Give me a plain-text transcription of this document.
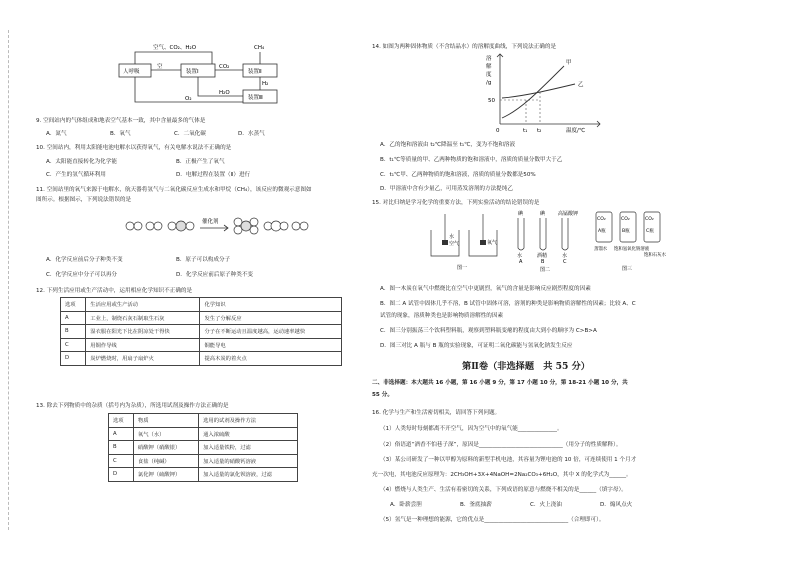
空气、CO₂、H₂O
空
人呼吸	装置Ⅰ
CO₂
装置Ⅱ
CH₄
H₂
H₂O
装置Ⅲ
O₂
9. 空间站内的气体组成和地表空气基本一致，其中含量最多的气体是
A．氮气	B．氧气	C．二氧化碳	D．水蒸气
10. 空间站内，利用太阳能电池电解水以获得氧气，有关电解水说法不正确的是
A．太阳能直接转化为化学能	B．正极产生了氧气
C．产生的氢气循环利用	D．电解过程在装置（Ⅱ）进行
11. 空间站里的氧气来源于电解水，航天器将氢气与二氧化碳反应生成水和甲烷（CH₄），该反应的微观示意图如
图所示。根据图示，下列说法错误的是
催化剂
A．化学反应前后分子种类不变	B．原子可以构成分子
C．化学反应中分子可以再分	D．化学反应前后原子种类不变
12. 下列生活应用或生产活动中，运用相应化学知识不正确的是
选项	生活应用或生产活动	化学知识
A	工业上，制烧石灰石制取生石灰	发生了分解反应
B	湿衣服在阳光下比在阴凉处干得快	分子在不断运动且温度越高，运动速率越快
C	用铜作导线	铜能导电
D	炭炉燃烧时，用扇子扇炉火	提高木炭的着火点
13. 除去下列物质中的杂质（括号内为杂质），所选用试剂及操作方法正确的是
选项	物质	选用的试剂及操作方法
A	氧气（水）	通入浓硫酸
B	硝酸钾（硝酸银）	加入适量铁粉，过滤
C	食盐（纯碱）	加入适量的硝酸钙溶液
D	氯化钾（硫酸钾）	加入适量的氯化钡溶液，过滤
14. 如图为两种固体物质（不含结晶水）的溶解度曲线，下列说法正确的是
溶
解
度
/g
50
0	t₁ t₂	温度/℃
甲
乙
A．乙的饱和溶液由 t₂℃降温至 t₁℃，变为不饱和溶液
B．t₁℃等质量的甲、乙两种物质的饱和溶液中，溶质的质量分数甲大于乙
C．t₁℃甲、乙两种物质的饱和溶液，溶质的质量分数都是50%
D．甲溶液中含有少量乙，可用蒸发溶剂的方法提纯乙
15. 对比归纳是学习化学的重要方法，下列实验活动的结论错误的是
水
空气	氧气
图一
碘	碘	高锰酸钾
水	酒精	水
A	B	C
图二
CO₂	CO₂	CO₂
A瓶	B瓶	C瓶
蒸馏水 饱和氢氧化钠溶液
饱和石灰水
图三
A．图一木炭在氧气中燃烧比在空气中更剧烈，氧气的含量是影响反应剧烈程度的因素
B．图二 A 试管中固体几乎不溶，B 试管中固体可溶，溶剂的种类是影响物质溶解性的因素；比较 A、C
试管的现象，溶质种类也是影响物质溶解性的因素
C．图三分别振荡三个饮料塑料瓶，观察到塑料瓶变瘪的程度由大到小的顺序为 C>B>A
D．图三对比 A 瓶与 B 瓶的实验现象，可证明二氧化碳能与氢氧化钠发生反应
第Ⅱ卷（非选择题　共 55 分）
二、非选择题：本大题共 16 小题，第 16 小题 9 分，第 17 小题 10 分，第 18-21 小题 10 分，共
55 分。
16. 化学与生产和生活密切相关，请回答下列问题。
（1）人类每时每刻都离不开空气，因为空气中的氧气能______________。
（2）俗语道“酒香不怕巷子深”，原因是______________________________（用分子的性质解释）。
（3）某公司研发了一种以甲醇为原料的新型手机电池，其容量为锂电池的 10 倍，可连续使用 1 个月才
充一次电，其电池反应原理为：2CH₃OH+3X+4NaOH=2Na₂CO₃+6H₂O，其中 X 的化学式为______。
（4）燃烧与人类生产、生活有着密切的关系，下列成语的原意与燃烧不相关的是______（填字母）。
A．卧薪尝胆	B．釜底抽薪	C．火上浇油	D．煽风点火
（5）氢气是一种理想的能源，它的优点是______________________________（合理即可）。
